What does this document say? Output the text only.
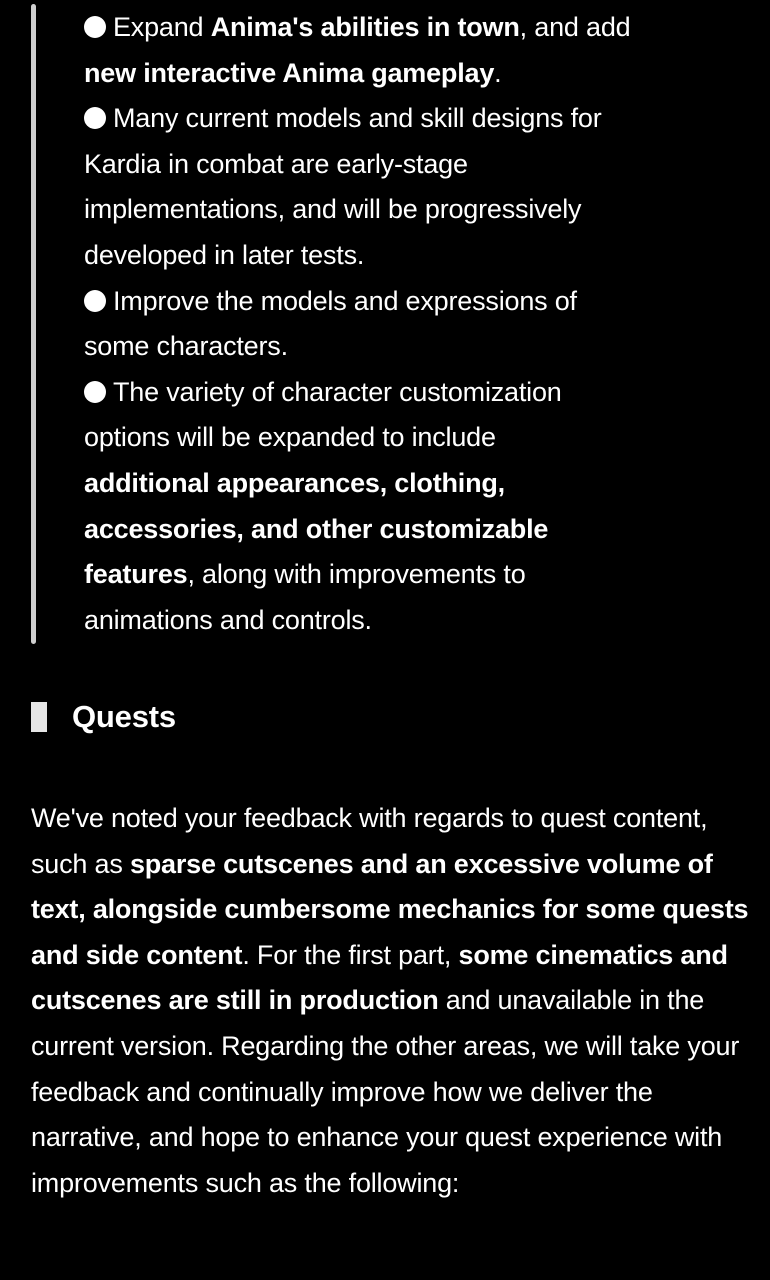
Expand Anima's abilities in town, and add new interactive Anima gameplay.

Many current models and skill designs for Kardia in combat are early-stage implementations, and will be progressively developed in later tests.

Improve the models and expressions of some characters.

The variety of character customization options will be expanded to include additional appearances, clothing, accessories, and other customizable features, along with improvements to animations and controls.

Quests

We've noted your feedback with regards to quest content, such as sparse cutscenes and an excessive volume of text, alongside cumbersome mechanics for some quests and side content. For the first part, some cinematics and cutscenes are still in production and unavailable in the current version. Regarding the other areas, we will take your feedback and continually improve how we deliver the narrative, and hope to enhance your quest experience with improvements such as the following:
